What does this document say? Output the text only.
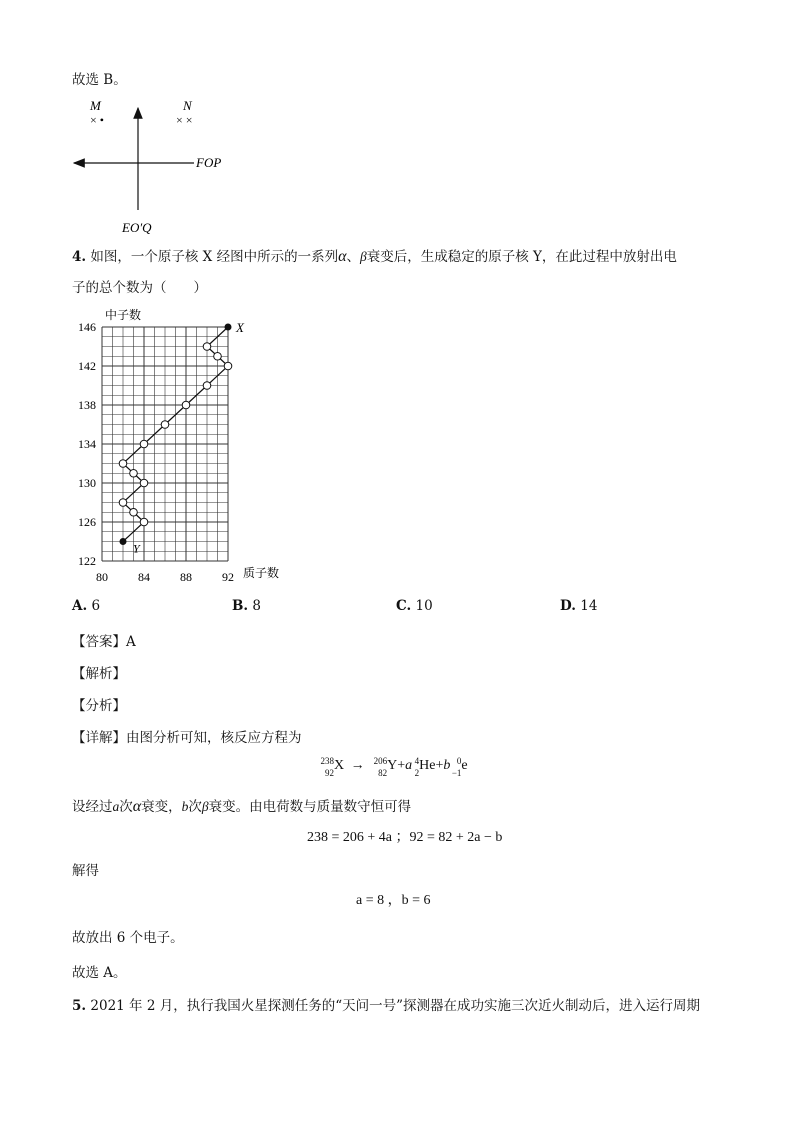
故选 B。
M
× •
N
× ×
FOP
EO′Q
4. 如图，一个原子核 X 经图中所示的一系列α、β衰变后，生成稳定的原子核 Y，在此过程中放射出电
子的总个数为（　　）
80	84	88	92
122
126
130
134
138
142
146	X
Y
中子数
质子数
A. 6	B. 8	C. 10	D. 14
【答案】A
【解析】
【分析】
【详解】由图分析可知，核反应方程为
238
92 X → 206
82 Y+a 4
2 He+b 0
−1 e
设经过a次α衰变，b次β衰变。由电荷数与质量数守恒可得
238 = 206 + 4a ；92 = 82 + 2a − b
解得
a = 8 ，b = 6
故放出 6 个电子。
故选 A。
5. 2021 年 2 月，执行我国火星探测任务的“天问一号”探测器在成功实施三次近火制动后，进入运行周期
